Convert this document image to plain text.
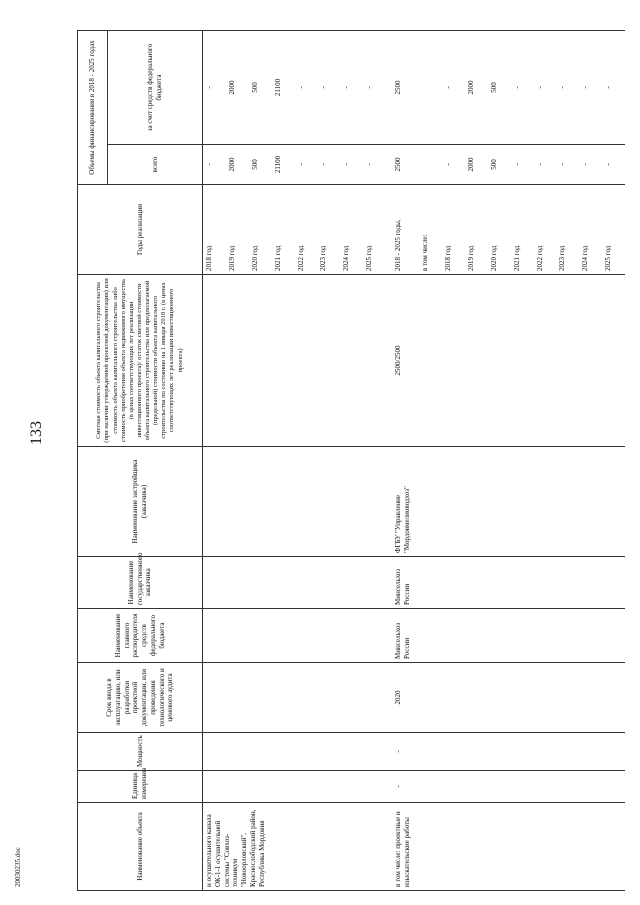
133
20030235.doc	Наименование объекта	Единица измерения	Мощность	Срок ввода в эксплуатацию, или разработки проектной документации, или проведения технологического и ценового аудита	Наименование главного распорядителя средств федерального бюджета	Наименование государственного заказчика	Наименование застройщика (заказчика)	Сметная стоимость объекта капитального строительства (при наличии утвержденной проектной документации) или стоимость объекта капитального строительства либо стоимость приобретения объекта недвижимого имущества (в ценах соответствующих лет реализации инвестиционного проекта)/ остаток сметной стоимости объекта капитального строительства или предполагаемой (предельной) стоимости объекта капитального строительства по состоянию на 1 января 2018 г. (в ценах соответствующих лет реализации инвестиционного проекта)	Годы реализации	Объемы финансирования в 2018 - 2025 годах	
									всего	за счет средств федерального бюджета
и осушительного канала ОК-1-1 осушительной системы "Совхоз-техникум "Новоорловский", Краснослободский район, Республика Мордовия								2018 год	-	-
								2019 год	2000	2000
								2020 год	500	500
								2021 год	21100	21100
								2022 год	-	-
								2023 год	-	-
								2024 год	-	-
								2025 год	-	-
в том числе: проектные и изыскательские работы	-	-	2020	Минсельхоз России	Минсельхоз России	ФГБУ "Управление "Мордовмелиоводхоз"	2500/2500	2018 - 2025 годы,	2500	2500
								в том числе:		
								2018 год	-	-
								2019 год	2000	2000
								2020 год	500	500
								2021 год	-	-
								2022 год	-	-
								2023 год	-	-
								2024 год	-	-
								2025 год	-	-
